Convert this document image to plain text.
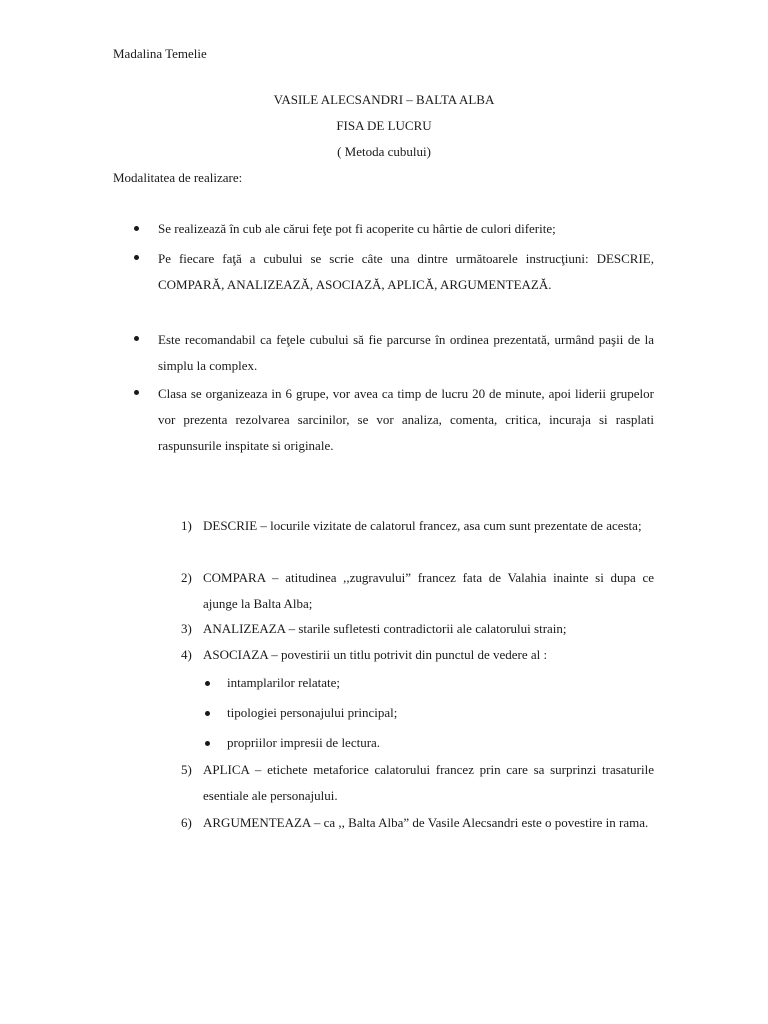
Madalina Temelie
VASILE ALECSANDRI – BALTA ALBA
FISA DE LUCRU
( Metoda cubului)
Modalitatea de realizare:
Se realizează în cub ale cărui feţe pot fi acoperite cu hârtie de culori diferite;
Pe fiecare faţă a cubului se scrie câte una dintre următoarele instrucţiuni: DESCRIE, COMPARĂ, ANALIZEAZĂ, ASOCIAZĂ, APLICĂ, ARGUMENTEAZĂ.
Este recomandabil ca feţele cubului să fie parcurse în ordinea prezentată, urmând paşii de la simplu la complex.
Clasa se organizeaza in 6 grupe, vor avea ca timp de lucru 20 de minute, apoi liderii grupelor vor prezenta rezolvarea sarcinilor, se vor analiza, comenta, critica, incuraja si rasplati raspunsurile inspitate si originale.
1) DESCRIE – locurile vizitate de calatorul francez, asa cum sunt prezentate de acesta;
2) COMPARA – atitudinea ,,zugravului” francez fata de Valahia inainte si dupa ce ajunge la Balta Alba;
3) ANALIZEAZA – starile sufletesti contradictorii ale calatorului strain;
4) ASOCIAZA – povestirii un titlu potrivit din punctul de vedere al :
intamplarilor relatate;
tipologiei personajului principal;
propriilor impresii de lectura.
5) APLICA – etichete metaforice calatorului francez prin care sa surprinzi trasaturile esentiale ale personajului.
6) ARGUMENTEAZA – ca ,, Balta Alba” de Vasile Alecsandri este o povestire in rama.
